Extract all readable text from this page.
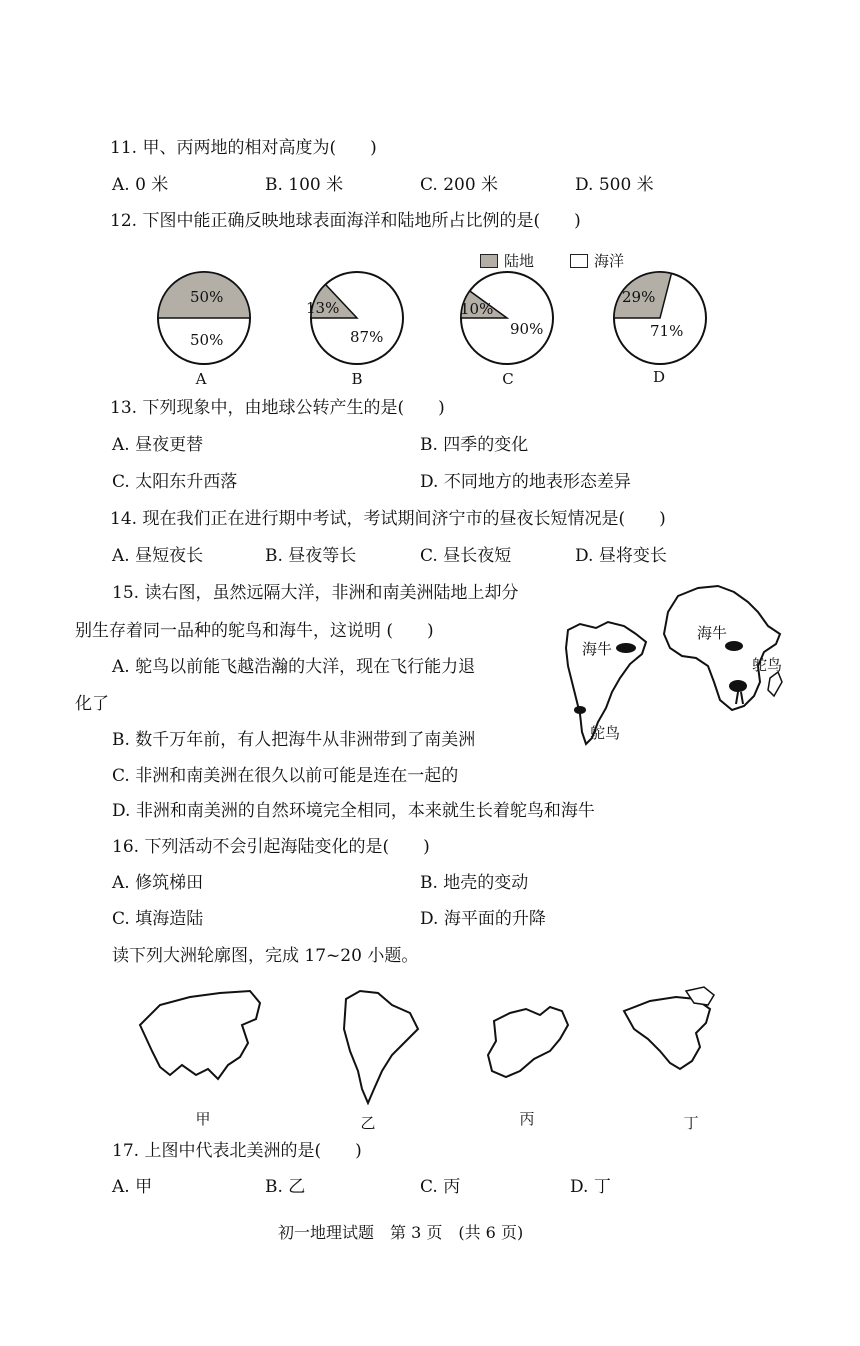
11. 甲、丙两地的相对高度为(　　)
A. 0 米	B. 100 米	C. 200 米	D. 500 米
12. 下图中能正确反映地球表面海洋和陆地所占比例的是(　　)
陆地	海洋
50%
50%
A
13%
87%
B
10%
90%
C
29%
71%
D
13. 下列现象中，由地球公转产生的是(　　)
A. 昼夜更替	B. 四季的变化
C. 太阳东升西落	D. 不同地方的地表形态差异
14. 现在我们正在进行期中考试，考试期间济宁市的昼夜长短情况是(　　)
A. 昼短夜长	B. 昼夜等长	C. 昼长夜短	D. 昼将变长
15. 读右图，虽然远隔大洋，非洲和南美洲陆地上却分
别生存着同一品种的鸵鸟和海牛，这说明 (　　)
A. 鸵鸟以前能飞越浩瀚的大洋，现在飞行能力退
化了
B. 数千万年前，有人把海牛从非洲带到了南美洲
C. 非洲和南美洲在很久以前可能是连在一起的
D. 非洲和南美洲的自然环境完全相同，本来就生长着鸵鸟和海牛
海牛
鸵鸟
海牛
鸵鸟
16. 下列活动不会引起海陆变化的是(　　)
A. 修筑梯田	B. 地壳的变动
C. 填海造陆	D. 海平面的升降
读下列大洲轮廓图，完成 17~20 小题。
甲	乙	丙	丁
17. 上图中代表北美洲的是(　　)
A. 甲	B. 乙	C. 丙	D. 丁
初一地理试题　第 3 页　(共 6 页)
